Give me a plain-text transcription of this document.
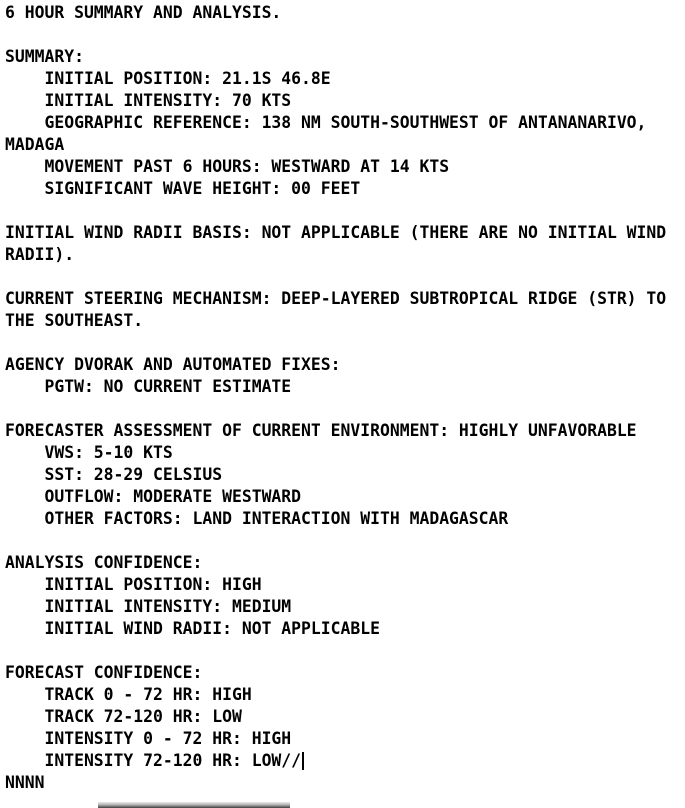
6 HOUR SUMMARY AND ANALYSIS.
SUMMARY:
INITIAL POSITION: 21.1S 46.8E
INITIAL INTENSITY: 70 KTS
GEOGRAPHIC REFERENCE: 138 NM SOUTH-SOUTHWEST OF ANTANANARIVO,
MADAGA
MOVEMENT PAST 6 HOURS: WESTWARD AT 14 KTS
SIGNIFICANT WAVE HEIGHT: 00 FEET
INITIAL WIND RADII BASIS: NOT APPLICABLE (THERE ARE NO INITIAL WIND
RADII).
CURRENT STEERING MECHANISM: DEEP-LAYERED SUBTROPICAL RIDGE (STR) TO
THE SOUTHEAST.
AGENCY DVORAK AND AUTOMATED FIXES:
PGTW: NO CURRENT ESTIMATE
FORECASTER ASSESSMENT OF CURRENT ENVIRONMENT: HIGHLY UNFAVORABLE
VWS: 5-10 KTS
SST: 28-29 CELSIUS
OUTFLOW: MODERATE WESTWARD
OTHER FACTORS: LAND INTERACTION WITH MADAGASCAR
ANALYSIS CONFIDENCE:
INITIAL POSITION: HIGH
INITIAL INTENSITY: MEDIUM
INITIAL WIND RADII: NOT APPLICABLE
FORECAST CONFIDENCE:
TRACK 0 - 72 HR: HIGH
TRACK 72-120 HR: LOW
INTENSITY 0 - 72 HR: HIGH
INTENSITY 72-120 HR: LOW//
NNNN
